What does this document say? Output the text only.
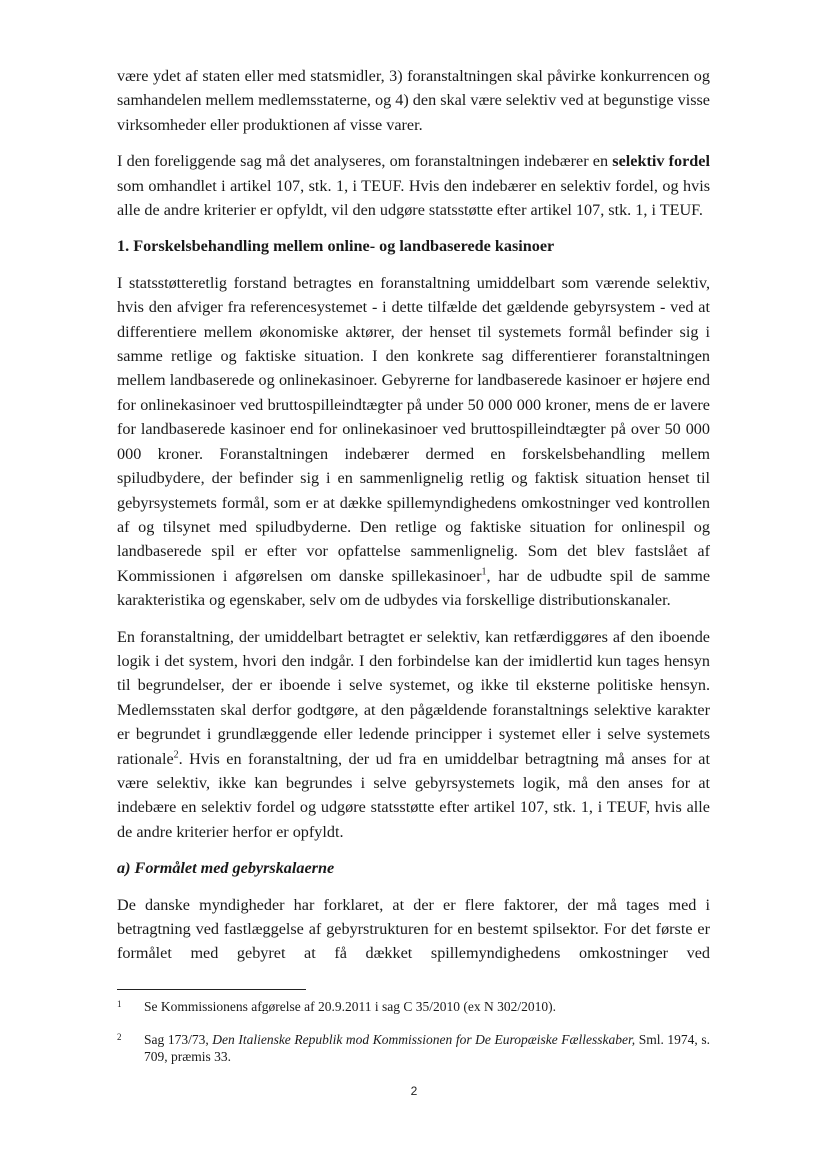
være ydet af staten eller med statsmidler, 3) foranstaltningen skal påvirke konkurrencen og samhandelen mellem medlemsstaterne, og 4) den skal være selektiv ved at begunstige visse virksomheder eller produktionen af visse varer.

I den foreliggende sag må det analyseres, om foranstaltningen indebærer en selektiv fordel som omhandlet i artikel 107, stk. 1, i TEUF. Hvis den indebærer en selektiv fordel, og hvis alle de andre kriterier er opfyldt, vil den udgøre statsstøtte efter artikel 107, stk. 1, i TEUF.

1. Forskelsbehandling mellem online- og landbaserede kasinoer

I statsstøtteretlig forstand betragtes en foranstaltning umiddelbart som værende selektiv, hvis den afviger fra referencesystemet - i dette tilfælde det gældende gebyrsystem - ved at differentiere mellem økonomiske aktører, der henset til systemets formål befinder sig i samme retlige og faktiske situation. I den konkrete sag differentierer foranstaltningen mellem landbaserede og onlinekasinoer. Gebyrerne for landbaserede kasinoer er højere end for onlinekasinoer ved bruttospilleindtægter på under 50 000 000 kroner, mens de er lavere for landbaserede kasinoer end for onlinekasinoer ved bruttospilleindtægter på over 50 000 000 kroner. Foranstaltningen indebærer dermed en forskelsbehandling mellem spiludbydere, der befinder sig i en sammenlignelig retlig og faktisk situation henset til gebyrsystemets formål, som er at dække spillemyndighedens omkostninger ved kontrollen af og tilsynet med spiludbyderne. Den retlige og faktiske situation for onlinespil og landbaserede spil er efter vor opfattelse sammenlignelig. Som det blev fastslået af Kommissionen i afgørelsen om danske spillekasinoer$^1$, har de udbudte spil de samme karakteristika og egenskaber, selv om de udbydes via forskellige distributionskanaler.

En foranstaltning, der umiddelbart betragtet er selektiv, kan retfærdiggøres af den iboende logik i det system, hvori den indgår. I den forbindelse kan der imidlertid kun tages hensyn til begrundelser, der er iboende i selve systemet, og ikke til eksterne politiske hensyn. Medlemsstaten skal derfor godtgøre, at den pågældende foranstaltnings selektive karakter er begrundet i grundlæggende eller ledende principper i systemet eller i selve systemets rationale$^2$. Hvis en foranstaltning, der ud fra en umiddelbar betragtning må anses for at være selektiv, ikke kan begrundes i selve gebyrsystemets logik, må den anses for at indebære en selektiv fordel og udgøre statsstøtte efter artikel 107, stk. 1, i TEUF, hvis alle de andre kriterier herfor er opfyldt.

a) Formålet med gebyrskalaerne

De danske myndigheder har forklaret, at der er flere faktorer, der må tages med i betragtning ved fastlæggelse af gebyrstrukturen for en bestemt spilsektor. For det første er formålet med gebyret at få dækket spillemyndighedens omkostninger ved

1	Se Kommissionens afgørelse af 20.9.2011 i sag C 35/2010 (ex N 302/2010).
2	Sag 173/73, Den Italienske Republik mod Kommissionen for De Europæiske Fællesskaber, Sml. 1974, s. 709, præmis 33.
2
